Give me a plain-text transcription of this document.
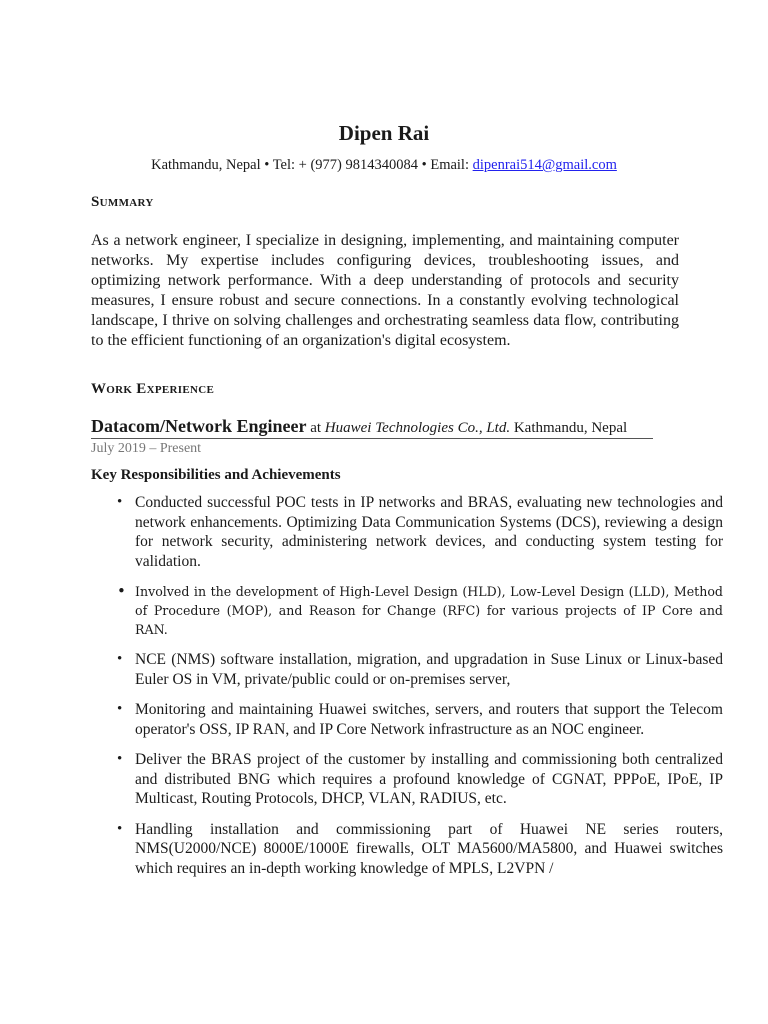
Dipen Rai
Kathmandu, Nepal • Tel: + (977) 9814340084 • Email: dipenrai514@gmail.com
Summary
As a network engineer, I specialize in designing, implementing, and maintaining computer networks. My expertise includes configuring devices, troubleshooting issues, and optimizing network performance. With a deep understanding of protocols and security measures, I ensure robust and secure connections. In a constantly evolving technological landscape, I thrive on solving challenges and orchestrating seamless data flow, contributing to the efficient functioning of an organization's digital ecosystem.
Work Experience
Datacom/Network Engineer at Huawei Technologies Co., Ltd. Kathmandu, Nepal
July 2019 – Present
Key Responsibilities and Achievements
• Conducted successful POC tests in IP networks and BRAS, evaluating new technologies and network enhancements. Optimizing Data Communication Systems (DCS), reviewing a design for network security, administering network devices, and conducting system testing for validation.
• Involved in the development of High-Level Design (HLD), Low-Level Design (LLD), Method of Procedure (MOP), and Reason for Change (RFC) for various projects of IP Core and RAN.
• NCE (NMS) software installation, migration, and upgradation in Suse Linux or Linux-based Euler OS in VM, private/public could or on-premises server,
• Monitoring and maintaining Huawei switches, servers, and routers that support the Telecom operator's OSS, IP RAN, and IP Core Network infrastructure as an NOC engineer.
• Deliver the BRAS project of the customer by installing and commissioning both centralized and distributed BNG which requires a profound knowledge of CGNAT, PPPoE, IPoE, IP Multicast, Routing Protocols, DHCP, VLAN, RADIUS, etc.
• Handling installation and commissioning part of Huawei NE series routers, NMS(U2000/NCE) 8000E/1000E firewalls, OLT MA5600/MA5800, and Huawei switches which requires an in-depth working knowledge of MPLS, L2VPN /
